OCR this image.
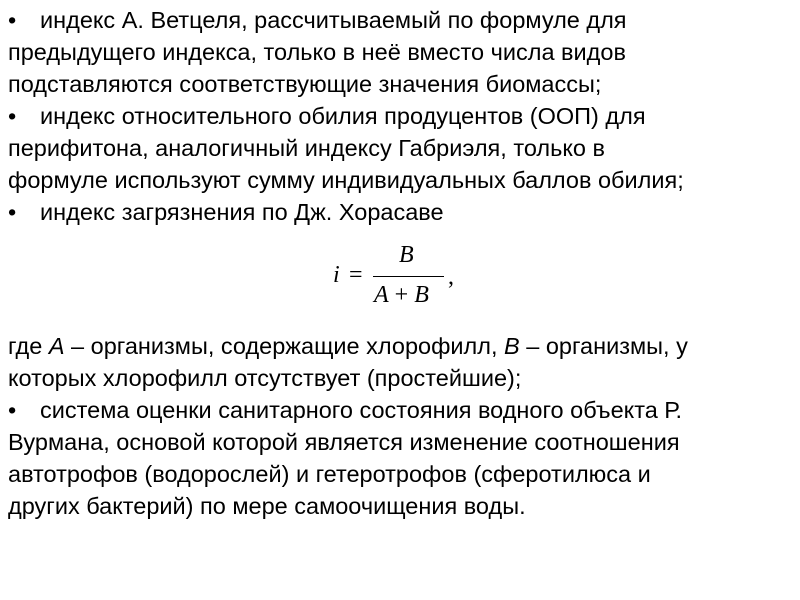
• индекс А. Ветцеля, рассчитываемый по формуле для

предыдущего индекса, только в неё вместо числа видов

подставляются соответствующие значения биомассы;

• индекс относительного обилия продуцентов (ООП) для

перифитона, аналогичный индексу Габриэля, только в

формуле используют сумму индивидуальных баллов обилия;

• индекс загрязнения по Дж. Хорасаве

i =
B
A + B
,

где A – организмы, содержащие хлорофилл, B – организмы, у

которых хлорофилл отсутствует (простейшие);

• система оценки санитарного состояния водного объекта Р.

Вурмана, основой которой является изменение соотношения

автотрофов (водорослей) и гетеротрофов (сферотилюса и

других бактерий) по мере самоочищения воды.
